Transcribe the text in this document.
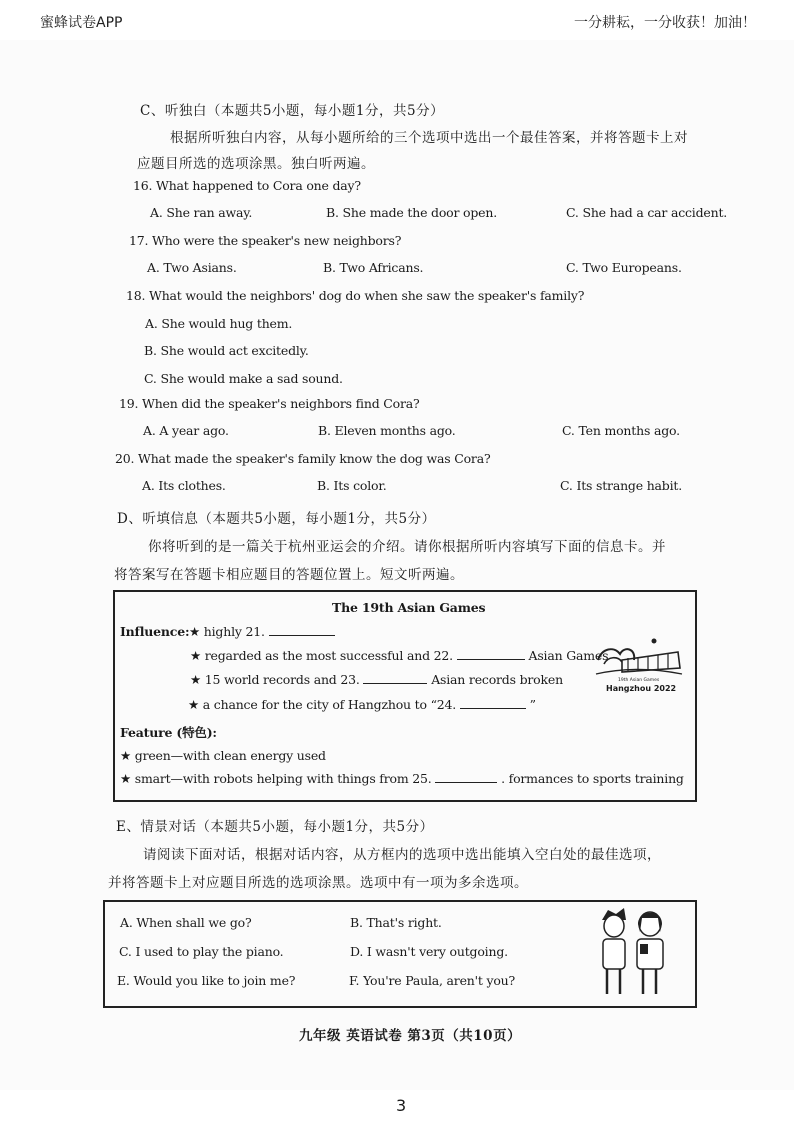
蜜蜂试卷APP	一分耕耘，一分收获！加油！
C、听独白（本题共5小题，每小题1分，共5分）
根据所听独白内容，从每小题所给的三个选项中选出一个最佳答案，并将答题卡上对
应题目所选的选项涂黑。独白听两遍。
16. What happened to Cora one day?
A. She ran away.	B. She made the door open.	C. She had a car accident.
17. Who were the speaker's new neighbors?
A. Two Asians.	B. Two Africans.	C. Two Europeans.
18. What would the neighbors' dog do when she saw the speaker's family?
A. She would hug them.
B. She would act excitedly.
C. She would make a sad sound.
19. When did the speaker's neighbors find Cora?
A. A year ago.	B. Eleven months ago.	C. Ten months ago.
20. What made the speaker's family know the dog was Cora?
A. Its clothes.	B. Its color.	C. Its strange habit.
D、听填信息（本题共5小题，每小题1分，共5分）
你将听到的是一篇关于杭州亚运会的介绍。请你根据所听内容填写下面的信息卡。并
将答案写在答题卡相应题目的答题位置上。短文听两遍。
The 19th Asian Games
Influence: ★ highly 21.
★ regarded as the most successful and 22.	Asian Games
★ 15 world records and 23.	Asian records broken
★ a chance for the city of Hangzhou to “24.	”
Feature (特色):
★ green—with clean energy used
★ smart—with robots helping with things from 25.	. formances to sports training
19th Asian Games
Hangzhou 2022
E、情景对话（本题共5小题，每小题1分，共5分）
请阅读下面对话，根据对话内容，从方框内的选项中选出能填入空白处的最佳选项，
并将答题卡上对应题目所选的选项涂黑。选项中有一项为多余选项。
A. When shall we go?	B. That's right.
C. I used to play the piano.	D. I wasn't very outgoing.
E. Would you like to join me?	F. You're Paula, aren't you?
九年级 英语试卷 第3页（共10页）
3
